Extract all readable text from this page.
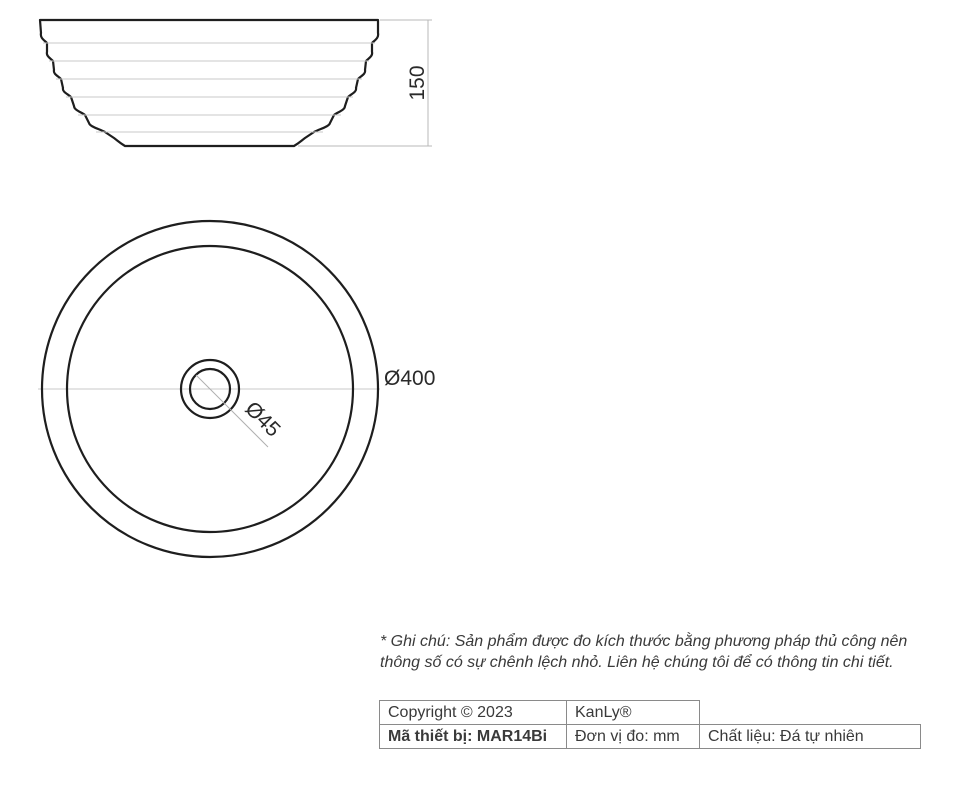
150
Ø400
Ø45
* Ghi chú: Sản phẩm được đo kích thước bằng phương pháp thủ công nên thông số có sự chênh lệch nhỏ. Liên hệ chúng tôi để có thông tin chi tiết.
Copyright © 2023	KanLy®	
Mã thiết bị: MAR14Bi	Đơn vị đo: mm	Chất liệu: Đá tự nhiên
